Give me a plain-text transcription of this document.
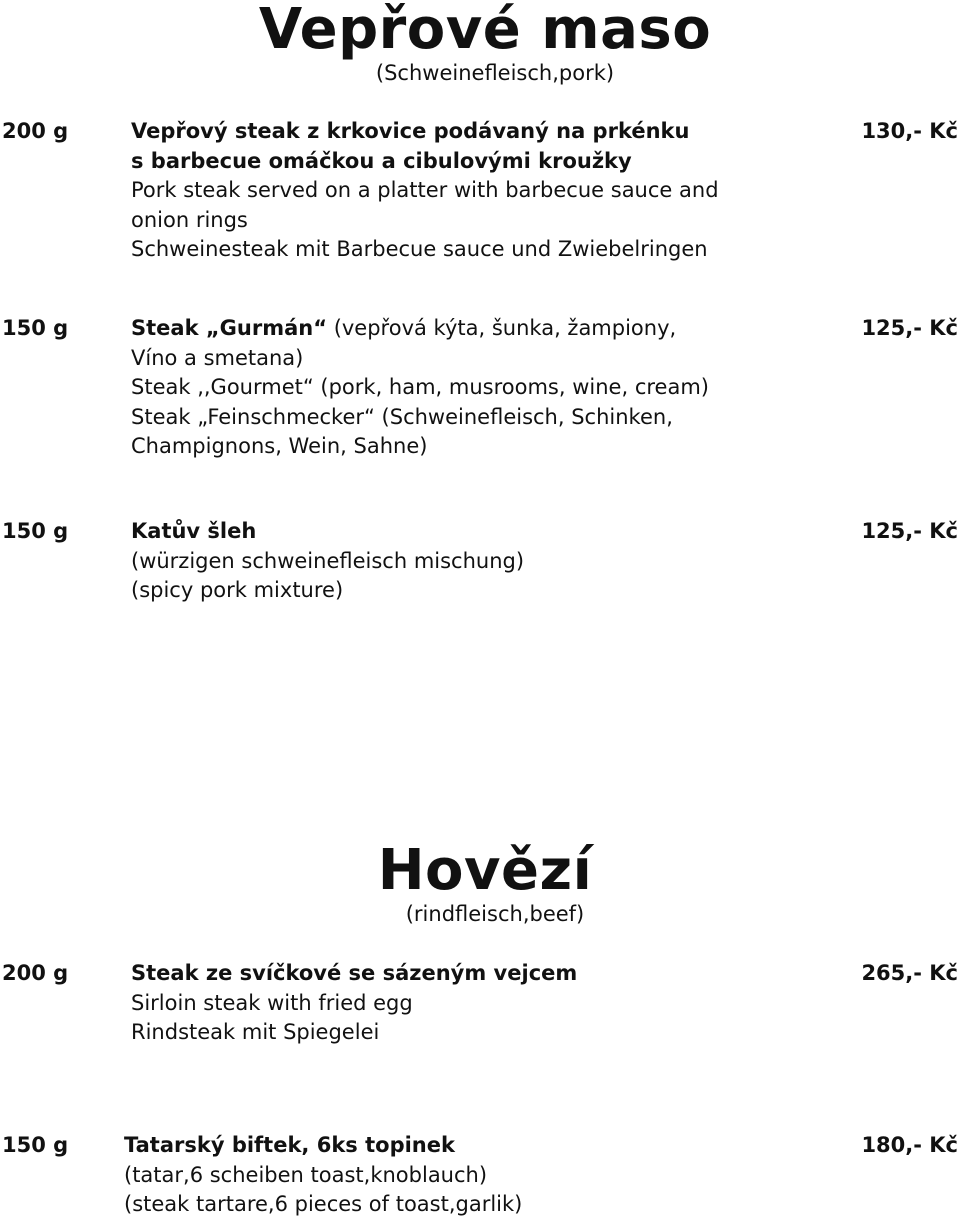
Vepřové maso
(Schweinefleisch,pork)
200 g	Vepřový steak z krkovice podávaný na prkénku
s barbecue omáčkou a cibulovými kroužky
Pork steak served on a platter with barbecue sauce and
onion rings
Schweinesteak mit Barbecue sauce und Zwiebelringen
130,- Kč
150 g	Steak „Gurmán“ (vepřová kýta, šunka, žampiony,
Víno a smetana)
Steak ,,Gourmet“ (pork, ham, musrooms, wine, cream)
Steak „Feinschmecker“ (Schweinefleisch, Schinken,
Champignons, Wein, Sahne)
125,- Kč
150 g	Katův šleh
(würzigen schweinefleisch mischung)
(spicy pork mixture)
125,- Kč
Hovězí
(rindfleisch,beef)
200 g	Steak ze svíčkové se sázeným vejcem
Sirloin steak with fried egg
Rindsteak mit Spiegelei
265,- Kč
150 g	Tatarský biftek, 6ks topinek
(tatar,6 scheiben toast,knoblauch)
(steak tartare,6 pieces of toast,garlik)
180,- Kč
